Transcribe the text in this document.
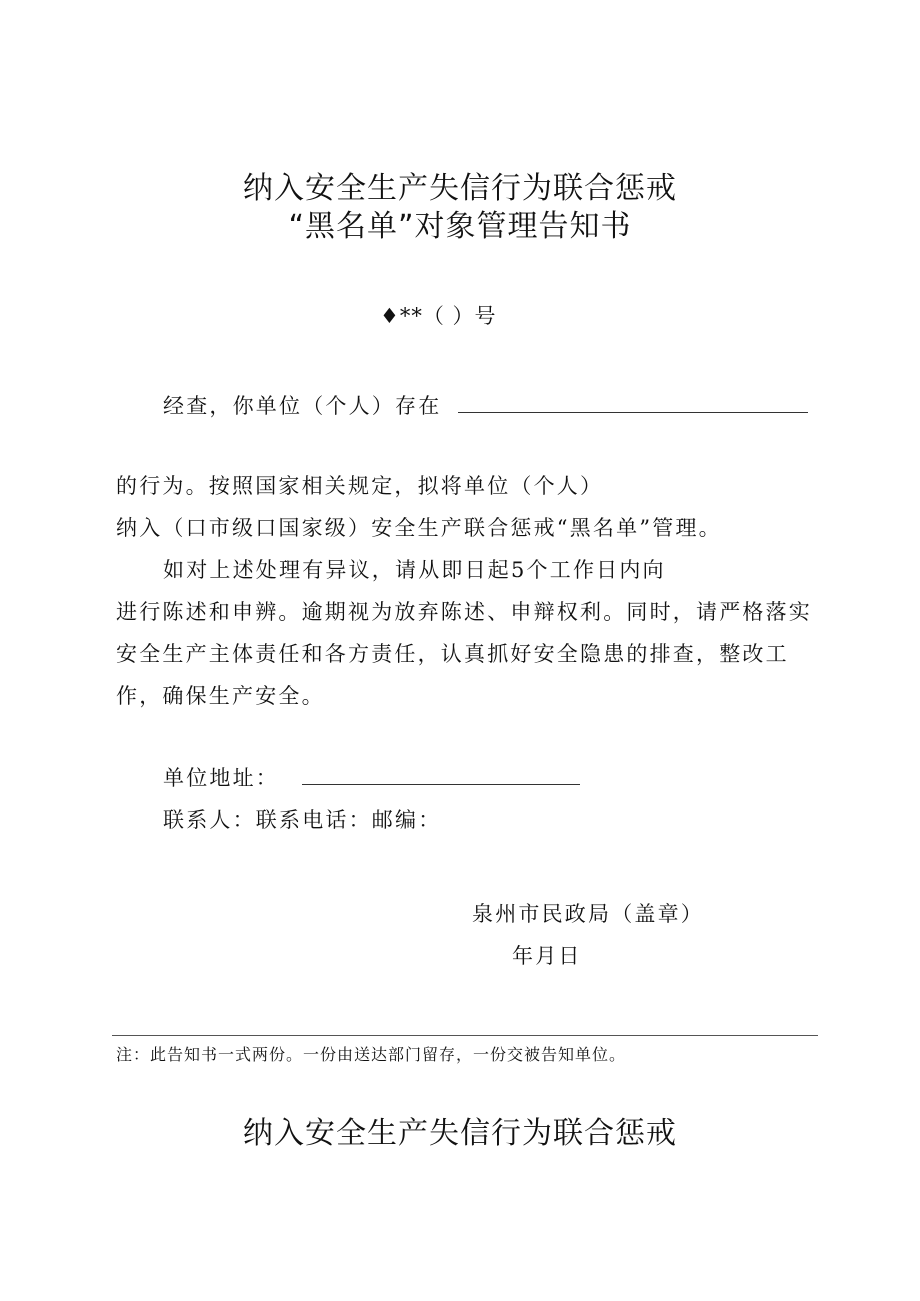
纳入安全生产失信行为联合惩戒
“黑名单”对象管理告知书
♦**（ ）号
经查，你单位（个人）存在
的行为。按照国家相关规定，拟将单位（个人）
纳入（口市级口国家级）安全生产联合惩戒“黑名单”管理。
如对上述处理有异议，请从即日起5个工作日内向
进行陈述和申辨。逾期视为放弃陈述、申辩权利。同时，请严格落实
安全生产主体责任和各方责任，认真抓好安全隐患的排查，整改工
作，确保生产安全。
单位地址：
联系人：联系电话：邮编：
泉州市民政局（盖章）
年月日
注：此告知书一式两份。一份由送达部门留存，一份交被告知单位。
纳入安全生产失信行为联合惩戒
